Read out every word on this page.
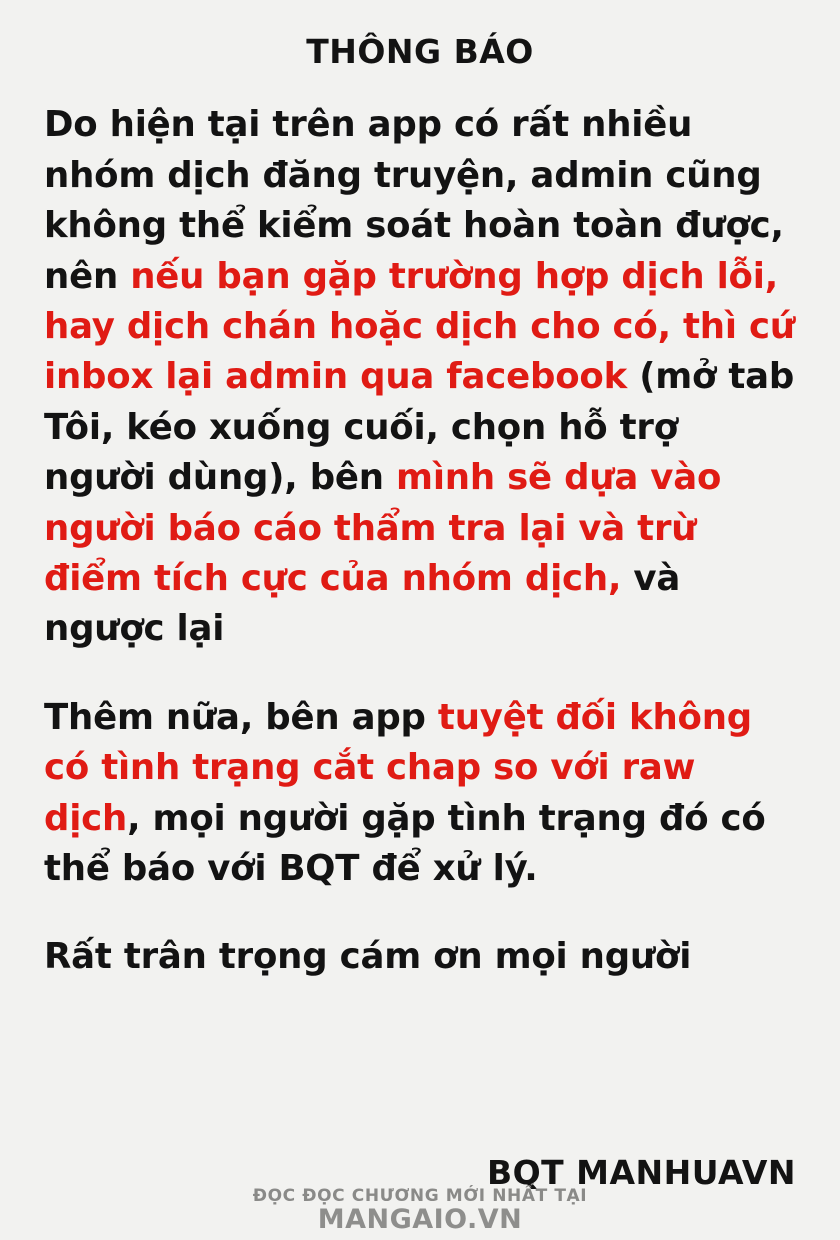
THÔNG BÁO

Do hiện tại trên app có rất nhiều nhóm dịch đăng truyện, admin cũng không thể kiểm soát hoàn toàn được, nên nếu bạn gặp trường hợp dịch lỗi, hay dịch chán hoặc dịch cho có, thì cứ inbox lại admin qua facebook (mở tab Tôi, kéo xuống cuối, chọn hỗ trợ người dùng), bên mình sẽ dựa vào người báo cáo thẩm tra lại và trừ điểm tích cực của nhóm dịch, và ngược lại

Thêm nữa, bên app tuyệt đối không có tình trạng cắt chap so với raw dịch, mọi người gặp tình trạng đó có thể báo với BQT để xử lý.

Rất trân trọng cám ơn mọi người

BQT MANHUAVN
ĐỌC ĐỌC CHƯƠNG MỚI NHẤT TẠI
MANGAIO.VN
